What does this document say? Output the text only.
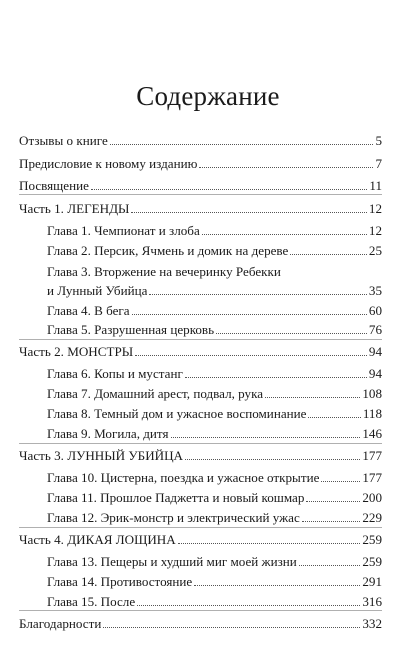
Содержание
Отзывы о книге	5
Предисловие к новому изданию	7
Посвящение	11
Часть 1. ЛЕГЕНДЫ	12
Глава 1. Чемпионат и злоба	12
Глава 2. Персик, Ячмень и домик на дереве	25
Глава 3. Вторжение на вечеринку Ребекки
и Лунный Убийца	35
Глава 4. В бега	60
Глава 5. Разрушенная церковь	76
Часть 2. МОНСТРЫ	94
Глава 6. Копы и мустанг	94
Глава 7. Домашний арест, подвал, рука	108
Глава 8. Темный дом и ужасное воспоминание	118
Глава 9. Могила, дитя	146
Часть 3. ЛУННЫЙ УБИЙЦА	177
Глава 10. Цистерна, поездка и ужасное открытие	177
Глава 11. Прошлое Паджетта и новый кошмар	200
Глава 12. Эрик-монстр и электрический ужас	229
Часть 4. ДИКАЯ ЛОЩИНА	259
Глава 13. Пещеры и худший миг моей жизни	259
Глава 14. Противостояние	291
Глава 15. После	316
Благодарности	332
